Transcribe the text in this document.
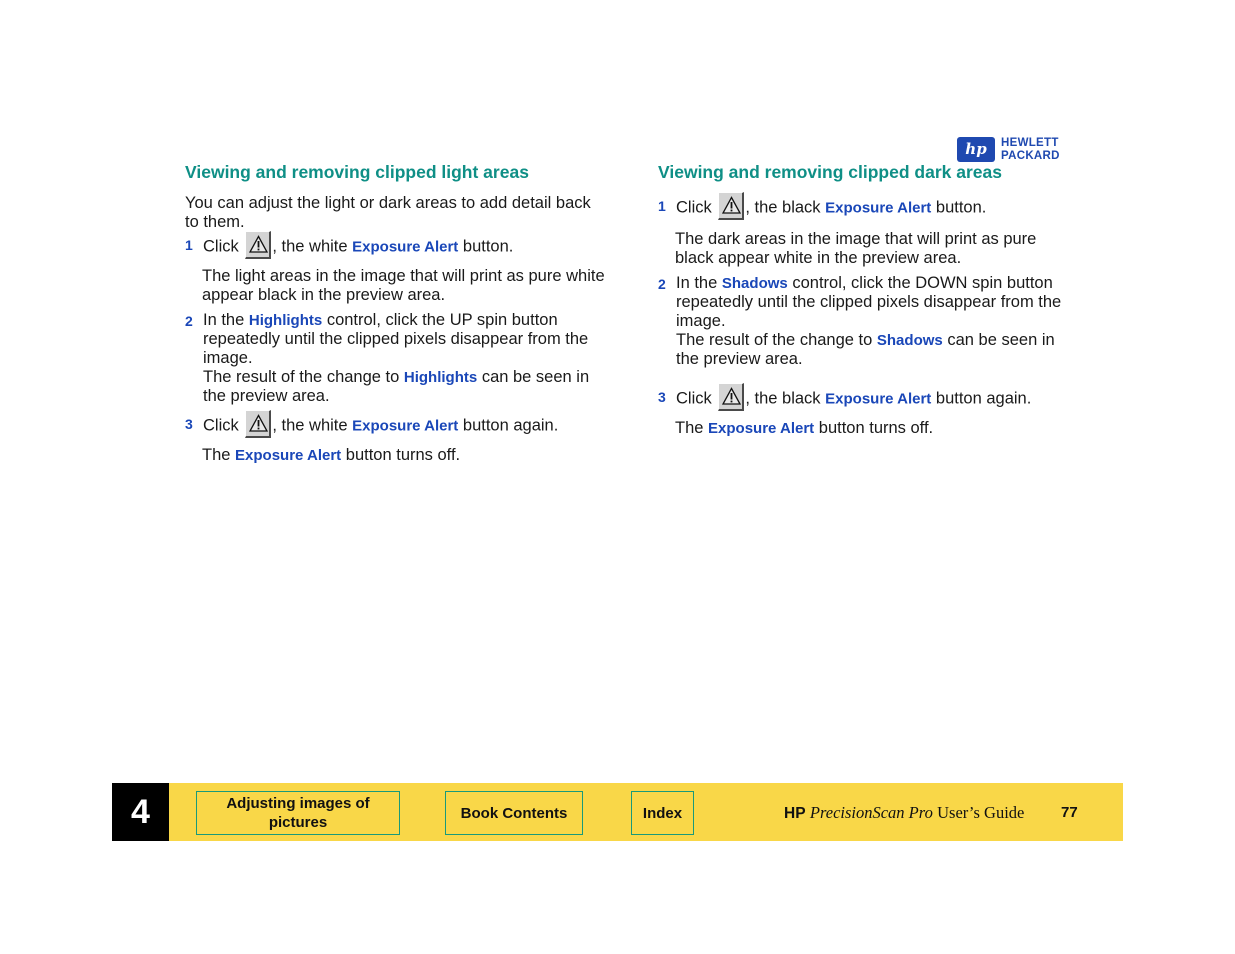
hp	HEWLETT
PACKARD
Viewing and removing clipped light areas

You can adjust the light or dark areas to add detail back to them.

1 Click , the white Exposure Alert button.

The light areas in the image that will print as pure white appear black in the preview area.

2 In the Highlights control, click the UP spin button repeatedly until the clipped pixels disappear from the image.
The result of the change to Highlights can be seen in the preview area.

3 Click , the white Exposure Alert button again.

The Exposure Alert button turns off.

Viewing and removing clipped dark areas

1 Click , the black Exposure Alert button.

The dark areas in the image that will print as pure black appear white in the preview area.

2 In the Shadows control, click the DOWN spin button repeatedly until the clipped pixels disappear from the image.
The result of the change to Shadows can be seen in the preview area.

3 Click , the black Exposure Alert button again.

The Exposure Alert button turns off.

4	Adjusting images of pictures
Book Contents	Index	HP PrecisionScan Pro User’s Guide 77
